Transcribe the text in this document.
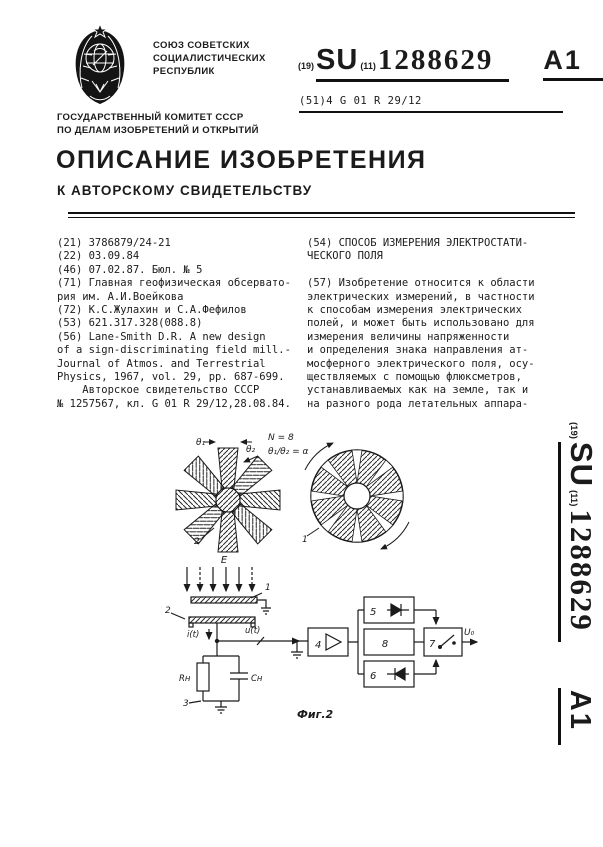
СОЮЗ СОВЕТСКИХ
СОЦИАЛИСТИЧЕСКИХ
РЕСПУБЛИК	(19) SU (11) 1288629 A1
(51)4 G 01 R 29/12
ГОСУДАРСТВЕННЫЙ КОМИТЕТ СССР
ПО ДЕЛАМ ИЗОБРЕТЕНИЙ И ОТКРЫТИЙ
ОПИСАНИЕ ИЗОБРЕТЕНИЯ
К АВТОРСКОМУ СВИДЕТЕЛЬСТВУ
(21) 3786879/24-21
(22) 03.09.84
(46) 07.02.87. Бюл. № 5
(71) Главная геофизическая обсервато-
рия им. А.И.Воейкова
(72) К.С.Жулахин и С.А.Фефилов
(53) 621.317.328(088.8)
(56) Lane-Smith D.R. A new design
of a sign-discriminating field mill.-
Journal of Atmos. and Terrestrial
Physics, 1967, vol. 29, pp. 687-699.
Авторское свидетельство СССР
№ 1257567, кл. G 01 R 29/12,28.08.84.
(54) СПОСОБ ИЗМЕРЕНИЯ ЭЛЕКТРОСТАТИ-
ЧЕСКОГО ПОЛЯ

(57) Изобретение относится к области
электрических измерений, в частности
к способам измерения электрических
полей, и может быть использовано для
измерения величины напряженности
и определения знака направления ат-
мосферного электрического поля, осу-
ществляемых с помощью флюксметров,
устанавливаемых как на земле, так и
на разного рода летательных аппара-
θ₁
θ₂
N = 8
θ₁/θ₂ = α
2	1
E
1
2
i(t)	u(t)
Rн	Cн
3
4
5
8
6
7
U₀
Фиг.2
(19)
SU
(11)
1288629
A1
